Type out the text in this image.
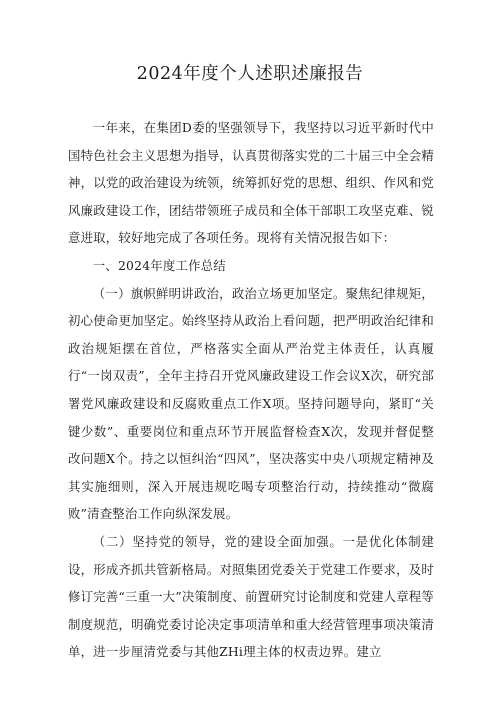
2024年度个人述职述廉报告

一年来，在集团D委的坚强领导下，我坚持以习近平新时代中国特色社会主义思想为指导，认真贯彻落实党的二十届三中全会精神，以党的政治建设为统领，统筹抓好党的思想、组织、作风和党风廉政建设工作，团结带领班子成员和全体干部职工攻坚克难、锐意进取，较好地完成了各项任务。现将有关情况报告如下：

一、2024年度工作总结

（一）旗帜鲜明讲政治，政治立场更加坚定。聚焦纪律规矩，初心使命更加坚定。始终坚持从政治上看问题，把严明政治纪律和政治规矩摆在首位，严格落实全面从严治党主体责任，认真履行“一岗双责”，全年主持召开党风廉政建设工作会议X次，研究部署党风廉政建设和反腐败重点工作X项。坚持问题导向，紧盯“关键少数”、重要岗位和重点环节开展监督检查X次，发现并督促整改问题X个。持之以恒纠治“四风”，坚决落实中央八项规定精神及其实施细则，深入开展违规吃喝专项整治行动，持续推动“微腐败”清查整治工作向纵深发展。

（二）坚持党的领导，党的建设全面加强。一是优化体制建设，形成齐抓共管新格局。对照集团党委关于党建工作要求，及时修订完善“三重一大”决策制度、前置研究讨论制度和党建人章程等制度规范，明确党委讨论决定事项清单和重大经营管理事项决策清单，进一步厘清党委与其他ZHi理主体的权责边界。建立
